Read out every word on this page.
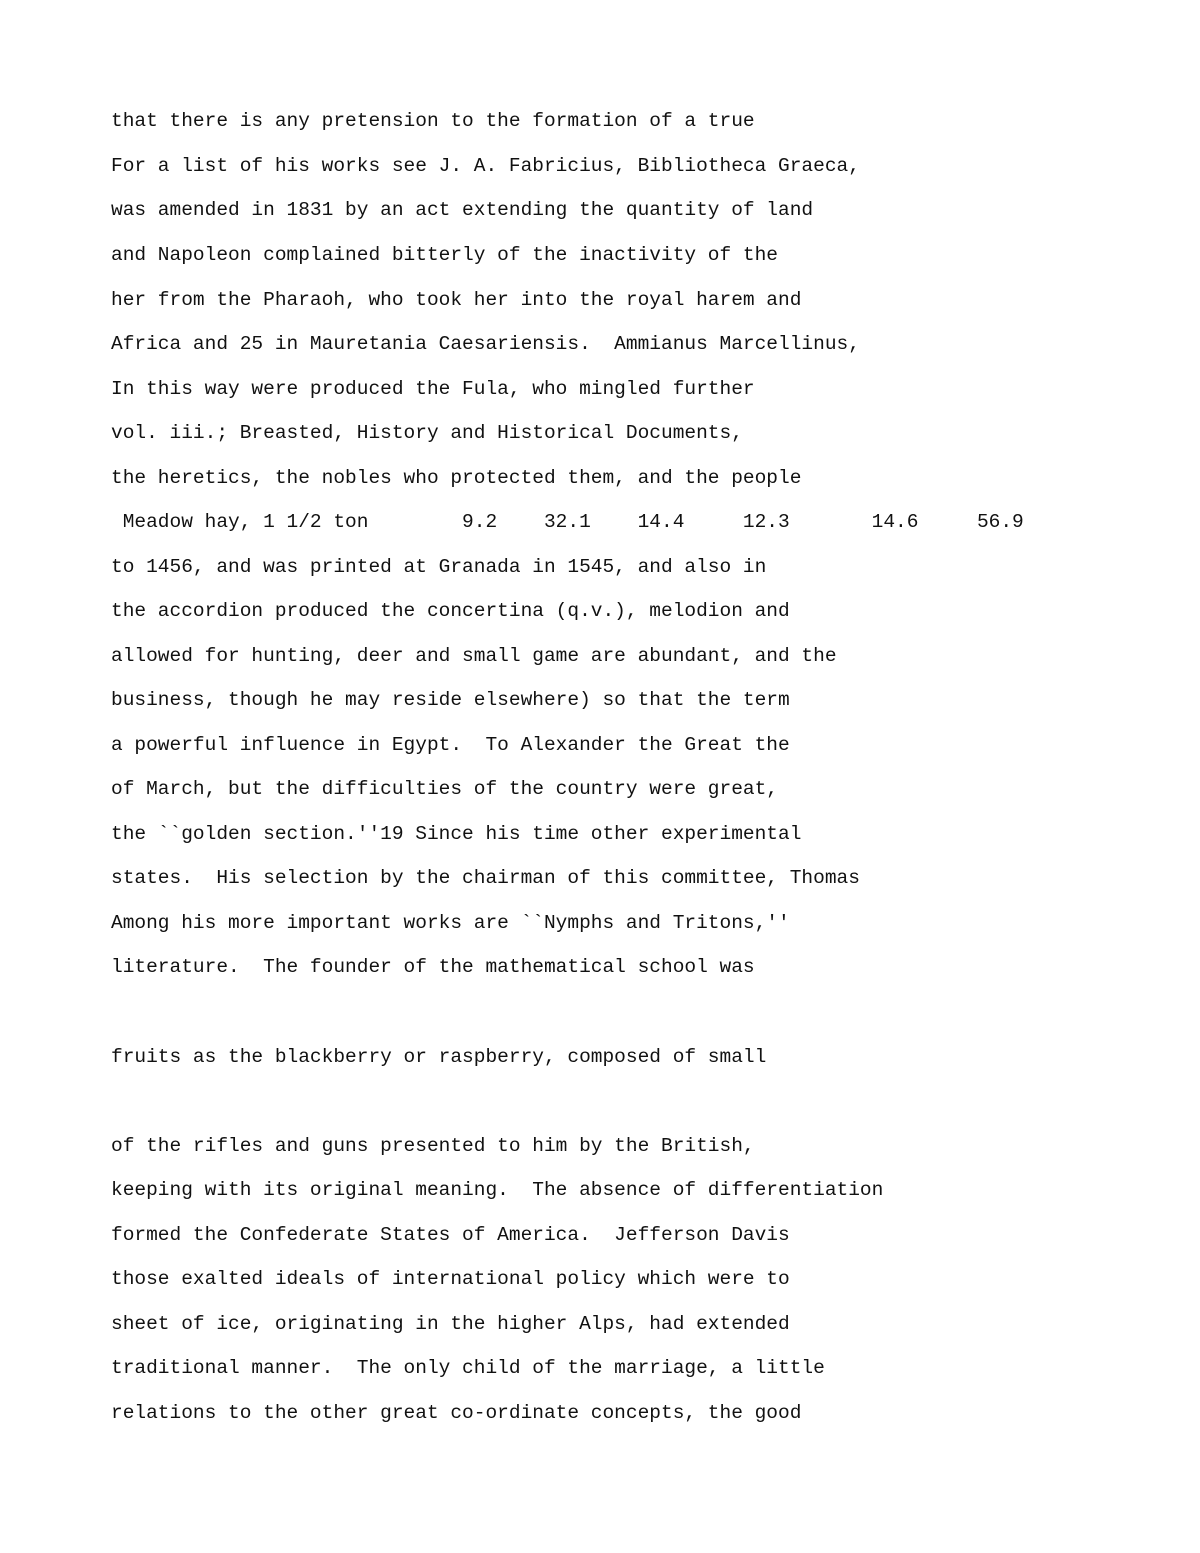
that there is any pretension to the formation of a true

For a list of his works see J. A. Fabricius, Bibliotheca Graeca,

was amended in 1831 by an act extending the quantity of land

and Napoleon complained bitterly of the inactivity of the

her from the Pharaoh, who took her into the royal harem and

Africa and 25 in Mauretania Caesariensis.  Ammianus Marcellinus,

In this way were produced the Fula, who mingled further

vol. iii.; Breasted, History and Historical Documents,

the heretics, the nobles who protected them, and the people

Meadow hay, 1 1/2 ton        9.2    32.1    14.4     12.3       14.6     56.9

to 1456, and was printed at Granada in 1545, and also in

the accordion produced the concertina (q.v.), melodion and

allowed for hunting, deer and small game are abundant, and the

business, though he may reside elsewhere) so that the term

a powerful influence in Egypt.  To Alexander the Great the

of March, but the difficulties of the country were great,

the ``golden section.''19 Since his time other experimental

states.  His selection by the chairman of this committee, Thomas

Among his more important works are ``Nymphs and Tritons,''

literature.  The founder of the mathematical school was

fruits as the blackberry or raspberry, composed of small

of the rifles and guns presented to him by the British,

keeping with its original meaning.  The absence of differentiation

formed the Confederate States of America.  Jefferson Davis

those exalted ideals of international policy which were to

sheet of ice, originating in the higher Alps, had extended

traditional manner.  The only child of the marriage, a little

relations to the other great co-ordinate concepts, the good
